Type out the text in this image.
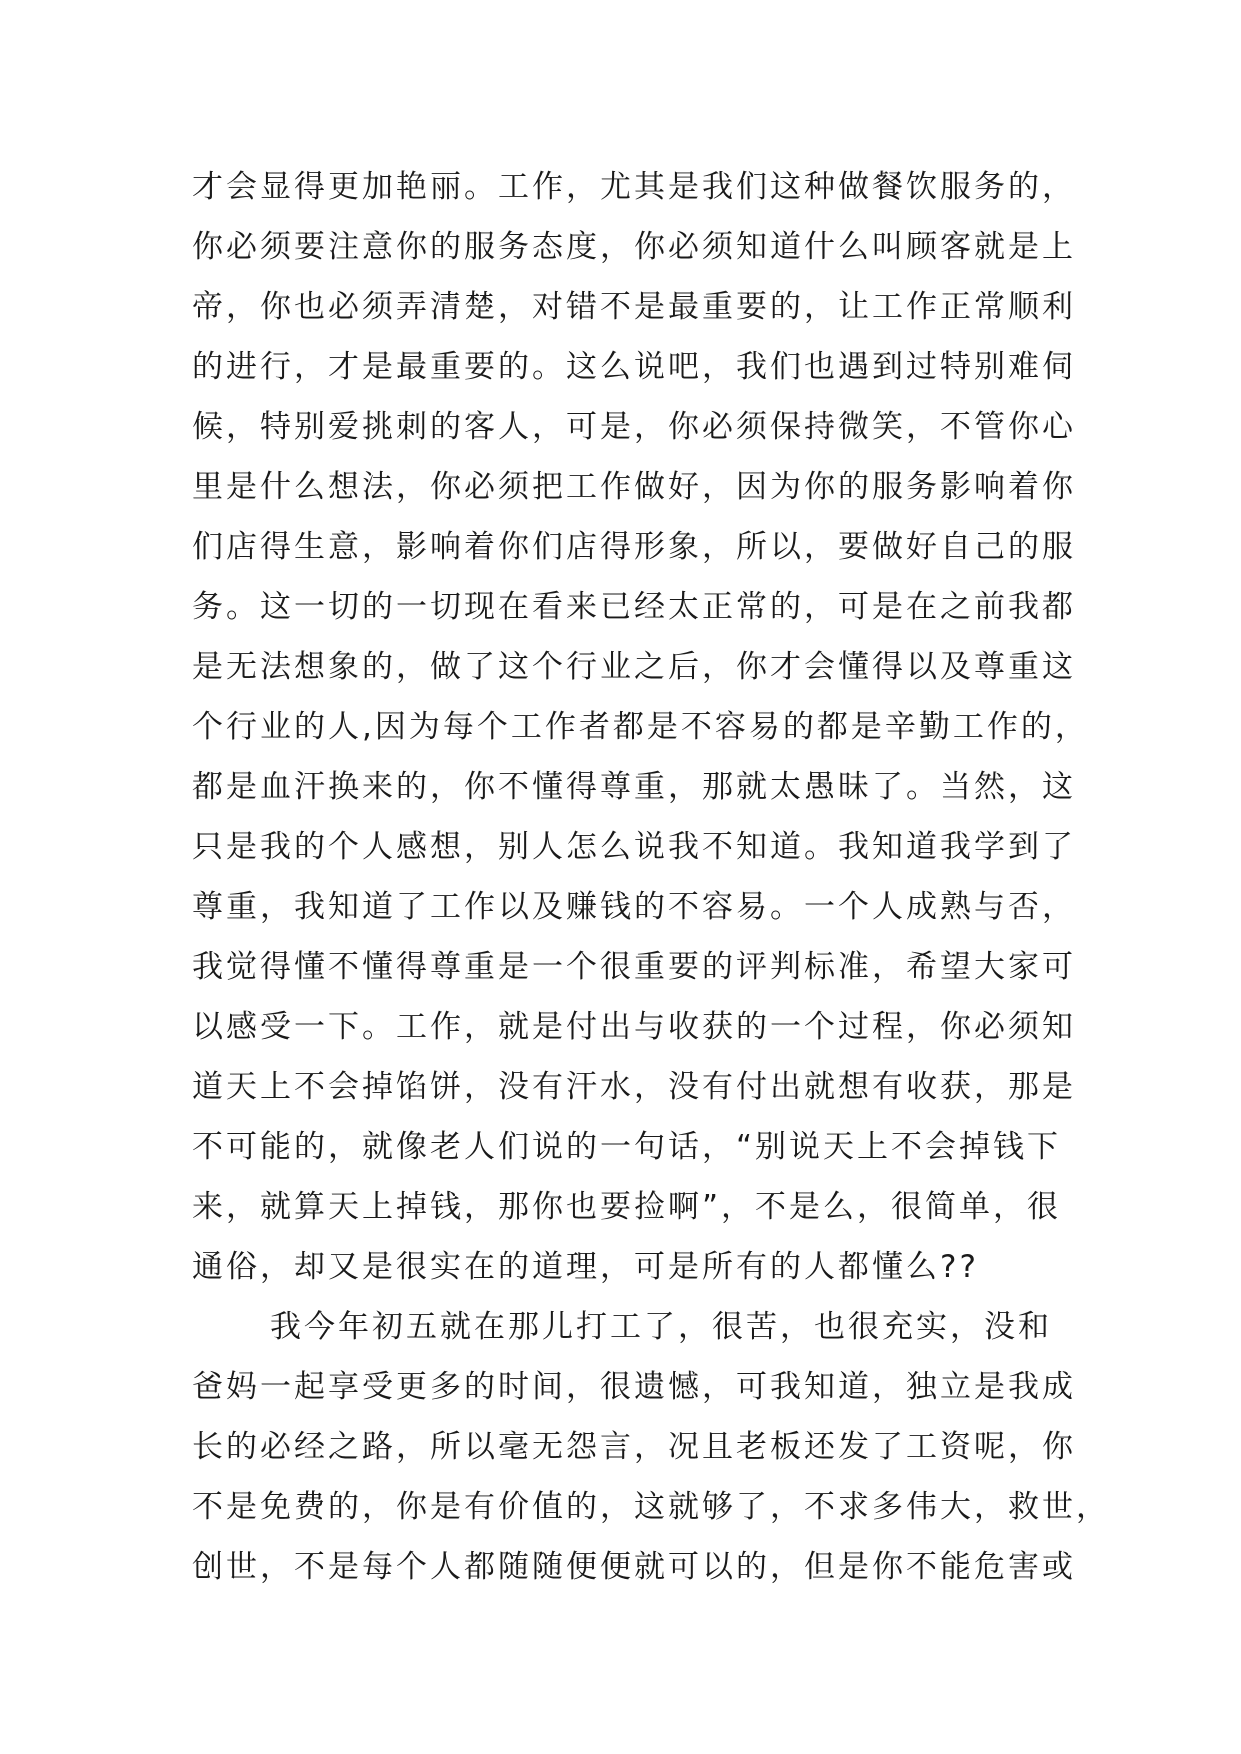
才会显得更加艳丽。工作，尤其是我们这种做餐饮服务的，
你必须要注意你的服务态度，你必须知道什么叫顾客就是上
帝，你也必须弄清楚，对错不是最重要的，让工作正常顺利
的进行，才是最重要的。这么说吧，我们也遇到过特别难伺
候，特别爱挑刺的客人，可是，你必须保持微笑，不管你心
里是什么想法，你必须把工作做好，因为你的服务影响着你
们店得生意，影响着你们店得形象，所以，要做好自己的服
务。这一切的一切现在看来已经太正常的，可是在之前我都
是无法想象的，做了这个行业之后，你才会懂得以及尊重这
个行业的人,因为每个工作者都是不容易的都是辛勤工作的，
都是血汗换来的，你不懂得尊重，那就太愚昧了。当然，这
只是我的个人感想，别人怎么说我不知道。我知道我学到了
尊重，我知道了工作以及赚钱的不容易。一个人成熟与否，
我觉得懂不懂得尊重是一个很重要的评判标准，希望大家可
以感受一下。工作，就是付出与收获的一个过程，你必须知
道天上不会掉馅饼，没有汗水，没有付出就想有收获，那是
不可能的，就像老人们说的一句话，“别说天上不会掉钱下
来，就算天上掉钱，那你也要捡啊”，不是么，很简单，很
通俗，却又是很实在的道理，可是所有的人都懂么??
我今年初五就在那儿打工了，很苦，也很充实，没和
爸妈一起享受更多的时间，很遗憾，可我知道，独立是我成
长的必经之路，所以毫无怨言，况且老板还发了工资呢，你
不是免费的，你是有价值的，这就够了，不求多伟大，救世，
创世，不是每个人都随随便便就可以的，但是你不能危害或
